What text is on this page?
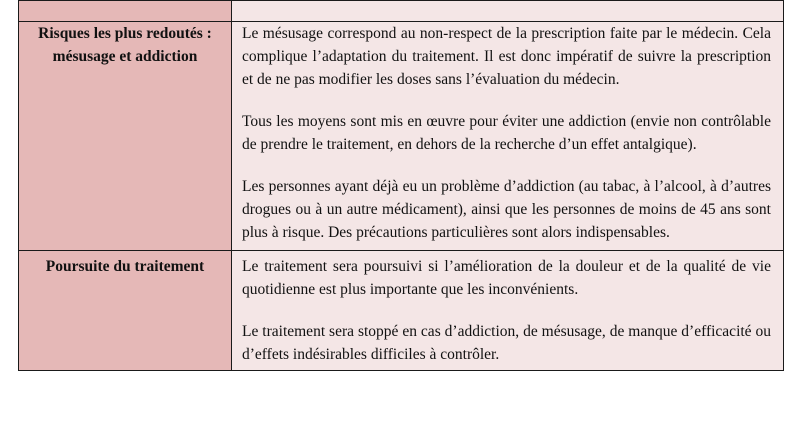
Risques les plus redoutés : mésusage et addiction	Le mésusage correspond au non-respect de la prescription faite par le médecin. Cela complique l’adaptation du traitement. Il est donc impératif de suivre la prescription et de ne pas modifier les doses sans l’évaluation du médecin.

Tous les moyens sont mis en œuvre pour éviter une addiction (envie non contrôlable de prendre le traitement, en dehors de la recherche d’un effet antalgique).

Les personnes ayant déjà eu un problème d’addiction (au tabac, à l’alcool, à d’autres drogues ou à un autre médicament), ainsi que les personnes de moins de 45 ans sont plus à risque. Des précautions particulières sont alors indispensables.

Poursuite du traitement	Le traitement sera poursuivi si l’amélioration de la douleur et de la qualité de vie quotidienne est plus importante que les inconvénients.

Le traitement sera stoppé en cas d’addiction, de mésusage, de manque d’efficacité ou d’effets indésirables difficiles à contrôler.
